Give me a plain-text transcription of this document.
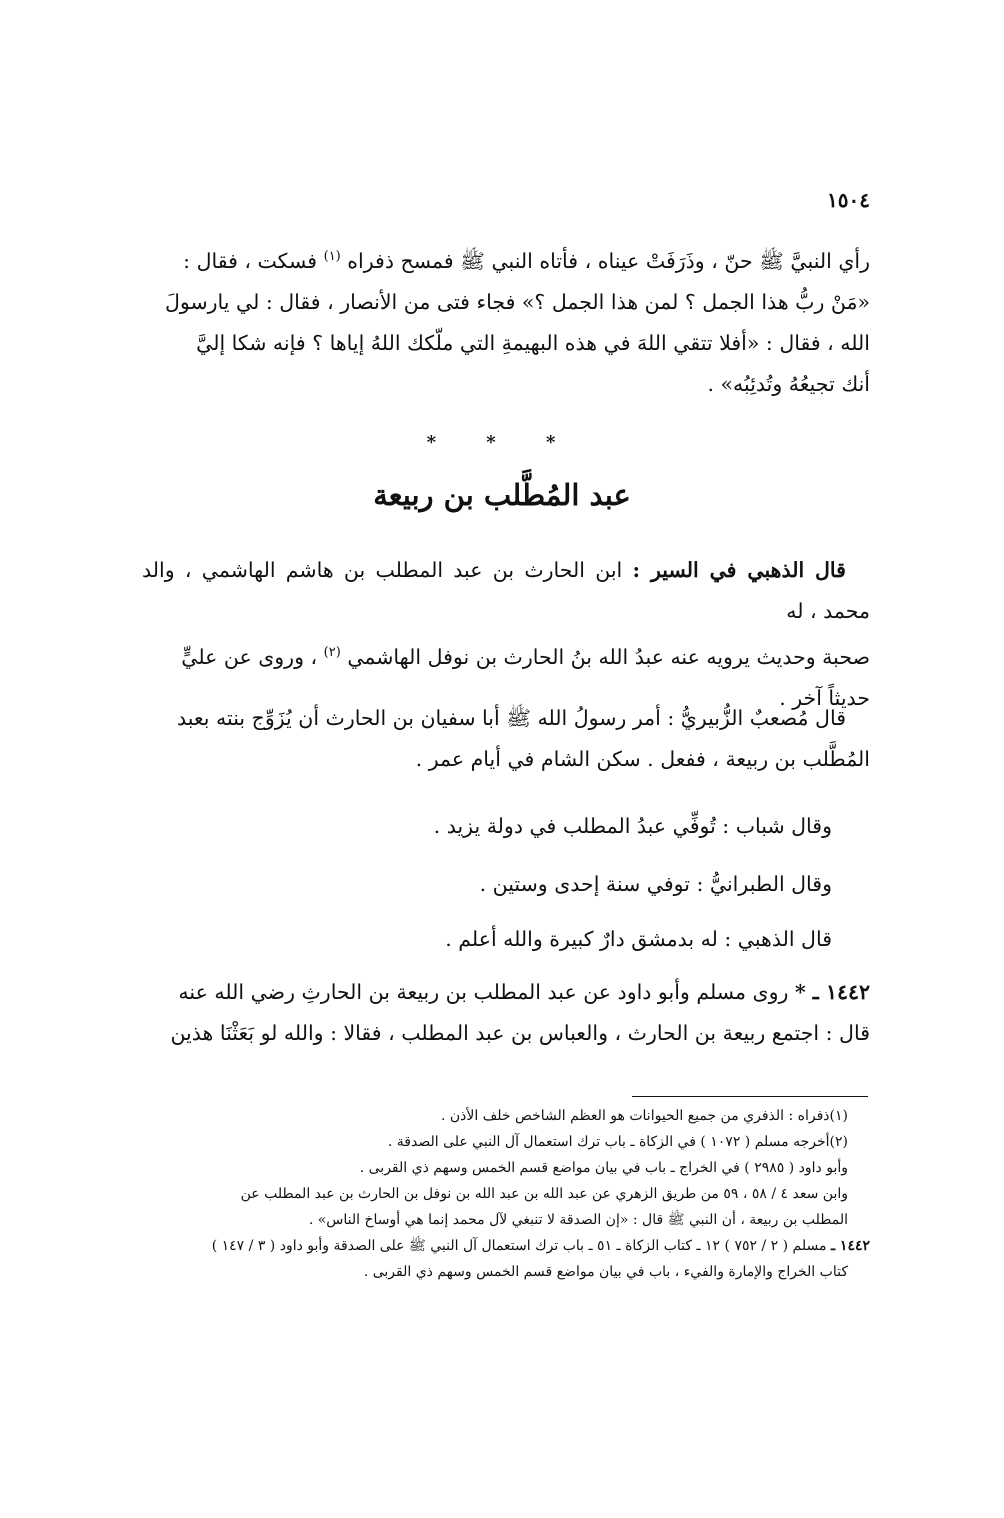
١٥٠٤

رأي النبيَّ ﷺ حنّ ، وذَرَفَتْ عيناه ، فأتاه النبي ﷺ فمسح ذفراه $^{(١)}$ فسكت ، فقال :

«مَنْ ربُّ هذا الجمل ؟ لمن هذا الجمل ؟» فجاء فتى من الأنصار ، فقال : لي يارسولَ

الله ، فقال : «أفلا تتقي اللهَ في هذه البهيمةِ التي ملّكك اللهُ إياها ؟ فإنه شكا إليَّ

أنك تجيعُهُ وتُدئِبُه» .

* * *
عبد المُطَّلب بن ربيعة

قال الذهبي في السير : ابن الحارث بن عبد المطلب بن هاشم الهاشمي ، والد محمد ، له

صحبة وحديث يرويه عنه عبدُ الله بنُ الحارث بن نوفل الهاشمي $^{(٢)}$ ، وروى عن عليٍّ

حديثاً آخر .

قال مُصعبٌ الزُّبيريُّ : أمر رسولُ الله ﷺ أبا سفيان بن الحارث أن يُزَوِّج بنته بعبد

المُطَّلب بن ربيعة ، ففعل . سكن الشام في أيام عمر .

وقال شباب : تُوفِّي عبدُ المطلب في دولة يزيد .

وقال الطبرانيُّ : توفي سنة إحدى وستين .

قال الذهبي : له بدمشق دارٌ كبيرة والله أعلم .

١٤٤٢ ـ * روى مسلم وأبو داود عن عبد المطلب بن ربيعة بن الحارثِ رضي الله عنه

قال : اجتمع ربيعة بن الحارث ، والعباس بن عبد المطلب ، فقالا : والله لو بَعَثْنَا هذين

(١)ذفراه : الذفري من جميع الحيوانات هو العظم الشاخص خلف الأذن .
(٢)أخرجه مسلم ( ١٠٧٢ ) في الزكاة ـ باب ترك استعمال آل النبي على الصدقة .
وأبو داود ( ٢٩٨٥ ) في الخراج ـ باب في بيان مواضع قسم الخمس وسهم ذي القربى .
وابن سعد ٤ / ٥٨ ، ٥٩ من طريق الزهري عن عبد الله بن عبد الله بن نوفل بن الحارث بن عبد المطلب عن
المطلب بن ربيعة ، أن النبي ﷺ قال : «إن الصدقة لا تنبغي لآل محمد إنما هي أوساخ الناس» .
١٤٤٢ ـ مسلم ( ٢ / ٧٥٢ ) ١٢ ـ كتاب الزكاة ـ ٥١ ـ باب ترك استعمال آل النبي ﷺ على الصدقة وأبو داود ( ٣ / ١٤٧ )
كتاب الخراج والإمارة والفيء ، باب في بيان مواضع قسم الخمس وسهم ذي القربى .
